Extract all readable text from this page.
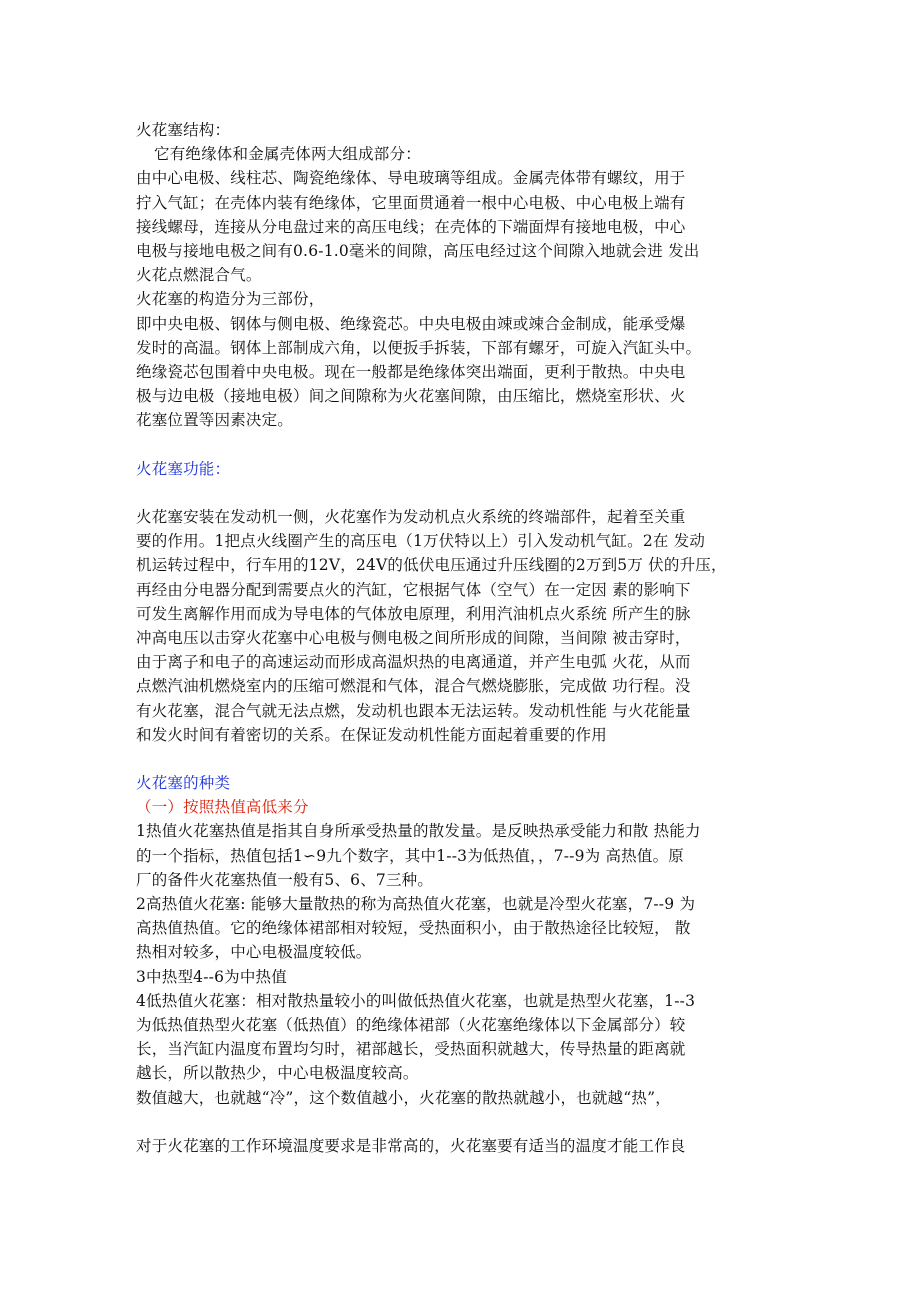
火花塞结构：
它有绝缘体和金属壳体两大组成部分：
由中心电极、线柱芯、陶瓷绝缘体、导电玻璃等组成。金属壳体带有螺纹，用于
拧入气缸；在壳体内装有绝缘体，它里面贯通着一根中心电极、中心电极上端有
接线螺母，连接从分电盘过来的高压电线；在壳体的下端面焊有接地电极，中心
电极与接地电极之间有0.6-1.0毫米的间隙，高压电经过这个间隙入地就会进 发出
火花点燃混合气。
火花塞的构造分为三部份，
即中央电极、钢体与侧电极、绝缘瓷芯。中央电极由竦或竦合金制成，能承受爆
发时的高温。钢体上部制成六角，以便扳手拆装，下部有螺牙，可旋入汽缸头中。
绝缘瓷芯包围着中央电极。现在一般都是绝缘体突出端面，更利于散热。中央电
极与边电极（接地电极）间之间隙称为火花塞间隙，由压缩比，燃烧室形状、火
花塞位置等因素决定。
火花塞功能：
火花塞安装在发动机一侧，火花塞作为发动机点火系统的终端部件，起着至关重
要的作用。1把点火线圈产生的高压电（1万伏特以上）引入发动机气缸。2在 发动
机运转过程中，行车用的12V，24V的低伏电压通过升压线圈的2万到5万 伏的升压，
再经由分电器分配到需要点火的汽缸，它根据气体（空气）在一定因 素的影响下
可发生离解作用而成为导电体的气体放电原理，利用汽油机点火系统 所产生的脉
冲高电压以击穿火花塞中心电极与侧电极之间所形成的间隙，当间隙 被击穿时，
由于离子和电子的高速运动而形成高温炽热的电离通道，并产生电弧 火花，从而
点燃汽油机燃烧室内的压缩可燃混和气体，混合气燃烧膨胀，完成做 功行程。没
有火花塞，混合气就无法点燃，发动机也跟本无法运转。发动机性能 与火花能量
和发火时间有着密切的关系。在保证发动机性能方面起着重要的作用
火花塞的种类
（一）按照热值高低来分
1热值火花塞热值是指其自身所承受热量的散发量。是反映热承受能力和散 热能力
的一个指标，热值包括1∽9九个数字，其中1--3为低热值，，7--9为 高热值。原
厂的备件火花塞热值一般有5、6、7三种。
2高热值火花塞: 能够大量散热的称为高热值火花塞，也就是冷型火花塞，7--9 为
高热值热值。它的绝缘体裙部相对较短，受热面积小，由于散热途径比较短， 散
热相对较多，中心电极温度较低。
3中热型4--6为中热值
4低热值火花塞：相对散热量较小的叫做低热值火花塞，也就是热型火花塞，1--3
为低热值热型火花塞（低热值）的绝缘体裙部（火花塞绝缘体以下金属部分）较
长，当汽缸内温度布置均匀时，裙部越长，受热面积就越大，传导热量的距离就
越长，所以散热少，中心电极温度较高。
数值越大，也就越“冷”，这个数值越小，火花塞的散热就越小，也就越“热”，
对于火花塞的工作环境温度要求是非常高的，火花塞要有适当的温度才能工作良
